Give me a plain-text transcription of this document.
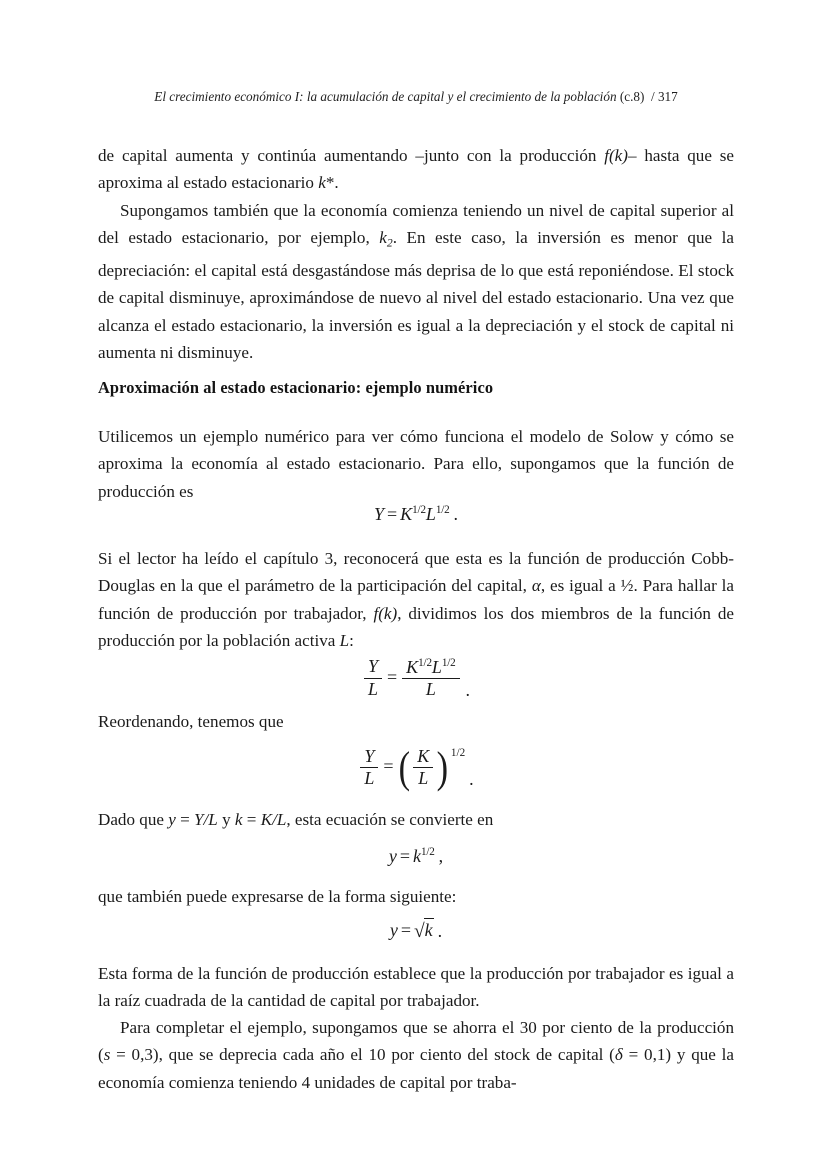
El crecimiento económico I: la acumulación de capital y el crecimiento de la población (c.8) / 317

de capital aumenta y continúa aumentando –junto con la producción f(k)– hasta que se aproxima al estado estacionario k*.

Supongamos también que la economía comienza teniendo un nivel de capital superior al del estado estacionario, por ejemplo, $k_2$. En este caso, la inversión es menor que la depreciación: el capital está desgastándose más deprisa de lo que está reponiéndose. El stock de capital disminuye, aproximándose de nuevo al nivel del estado estacionario. Una vez que alcanza el estado estacionario, la inversión es igual a la depreciación y el stock de capital ni aumenta ni disminuye.

Aproximación al estado estacionario: ejemplo numérico

Utilicemos un ejemplo numérico para ver cómo funciona el modelo de Solow y cómo se aproxima la economía al estado estacionario. Para ello, supongamos que la función de producción es

$Y = K^{1/2}L^{1/2}$ .

Si el lector ha leído el capítulo 3, reconocerá que esta es la función de producción Cobb-Douglas en la que el parámetro de la participación del capital, α, es igual a ½. Para hallar la función de producción por trabajador, f(k), dividimos los dos miembros de la función de producción por la población activa L:

$\frac{Y}{L} = \frac{K^{1/2}L^{1/2}}{L}$ .

Reordenando, tenemos que

$\frac{Y}{L}$ = ( $\frac{K}{L}$ ) 1/2.

Dado que y = Y/L y k = K/L, esta ecuación se convierte en

$y = k^{1/2}$ ,

que también puede expresarse de la forma siguiente:

y = √k .

Esta forma de la función de producción establece que la producción por trabajador es igual a la raíz cuadrada de la cantidad de capital por trabajador.

Para completar el ejemplo, supongamos que se ahorra el 30 por ciento de la producción (s = 0,3), que se deprecia cada año el 10 por ciento del stock de capital (δ = 0,1) y que la economía comienza teniendo 4 unidades de capital por traba-
